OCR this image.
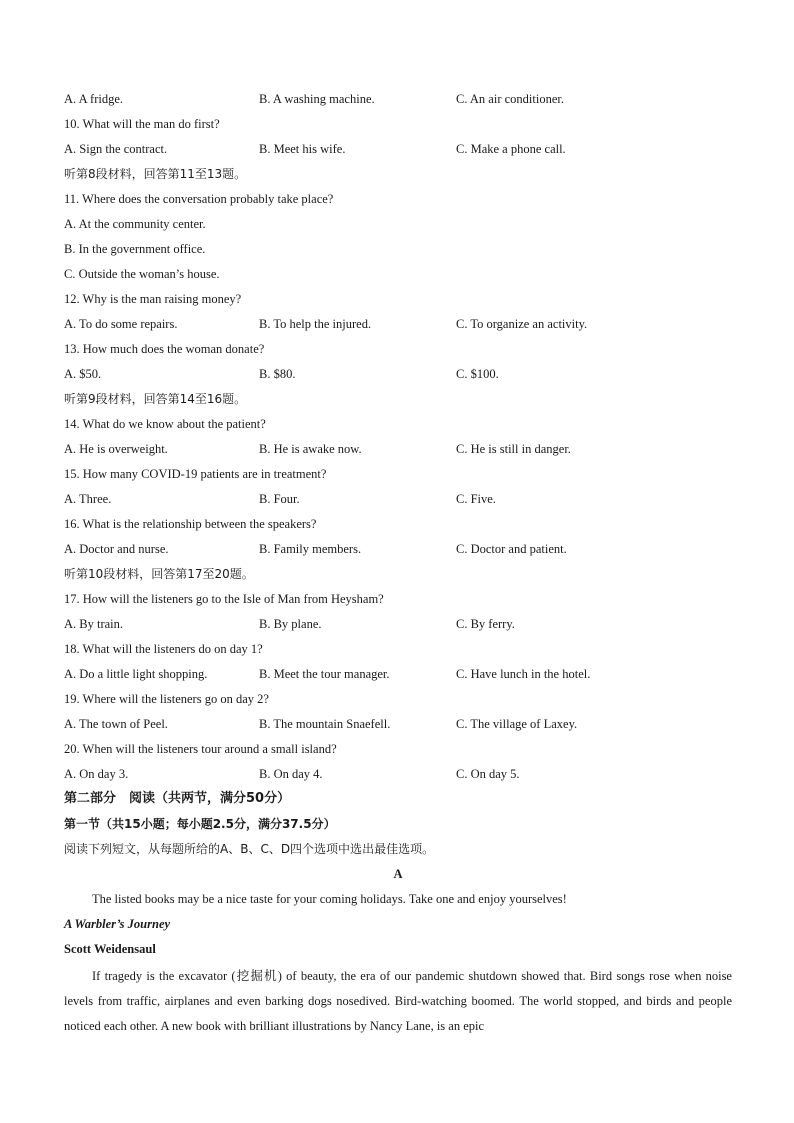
A. A fridge.	B. A washing machine.	C. An air conditioner.
10. What will the man do first?
A. Sign the contract.	B. Meet his wife.	C. Make a phone call.
听第8段材料，回答第11至13题。
11. Where does the conversation probably take place?
A. At the community center.
B. In the government office.
C. Outside the woman’s house.
12. Why is the man raising money?
A. To do some repairs.	B. To help the injured.	C. To organize an activity.
13. How much does the woman donate?
A. $50.	B. $80.	C. $100.
听第9段材料，回答第14至16题。
14. What do we know about the patient?
A. He is overweight.	B. He is awake now.	C. He is still in danger.
15. How many COVID-19 patients are in treatment?
A. Three.	B. Four.	C. Five.
16. What is the relationship between the speakers?
A. Doctor and nurse.	B. Family members.	C. Doctor and patient.
听第10段材料，回答第17至20题。
17. How will the listeners go to the Isle of Man from Heysham?
A. By train.	B. By plane.	C. By ferry.
18. What will the listeners do on day 1?
A. Do a little light shopping.	B. Meet the tour manager.	C. Have lunch in the hotel.
19. Where will the listeners go on day 2?
A. The town of Peel.	B. The mountain Snaefell.	C. The village of Laxey.
20. When will the listeners tour around a small island?
A. On day 3.	B. On day 4.	C. On day 5.
第二部分　阅读（共两节，满分50分）
第一节（共15小题；每小题2.5分，满分37.5分）
阅读下列短文，从每题所给的A、B、C、D四个选项中选出最佳选项。
A
The listed books may be a nice taste for your coming holidays. Take one and enjoy yourselves!
A Warbler’s Journey
Scott Weidensaul
If tragedy is the excavator (挖掘机) of beauty, the era of our pandemic shutdown showed that. Bird songs rose when noise levels from traffic, airplanes and even barking dogs nosedived. Bird-watching boomed. The world stopped, and birds and people noticed each other. A new book with brilliant illustrations by Nancy Lane, is an epic
